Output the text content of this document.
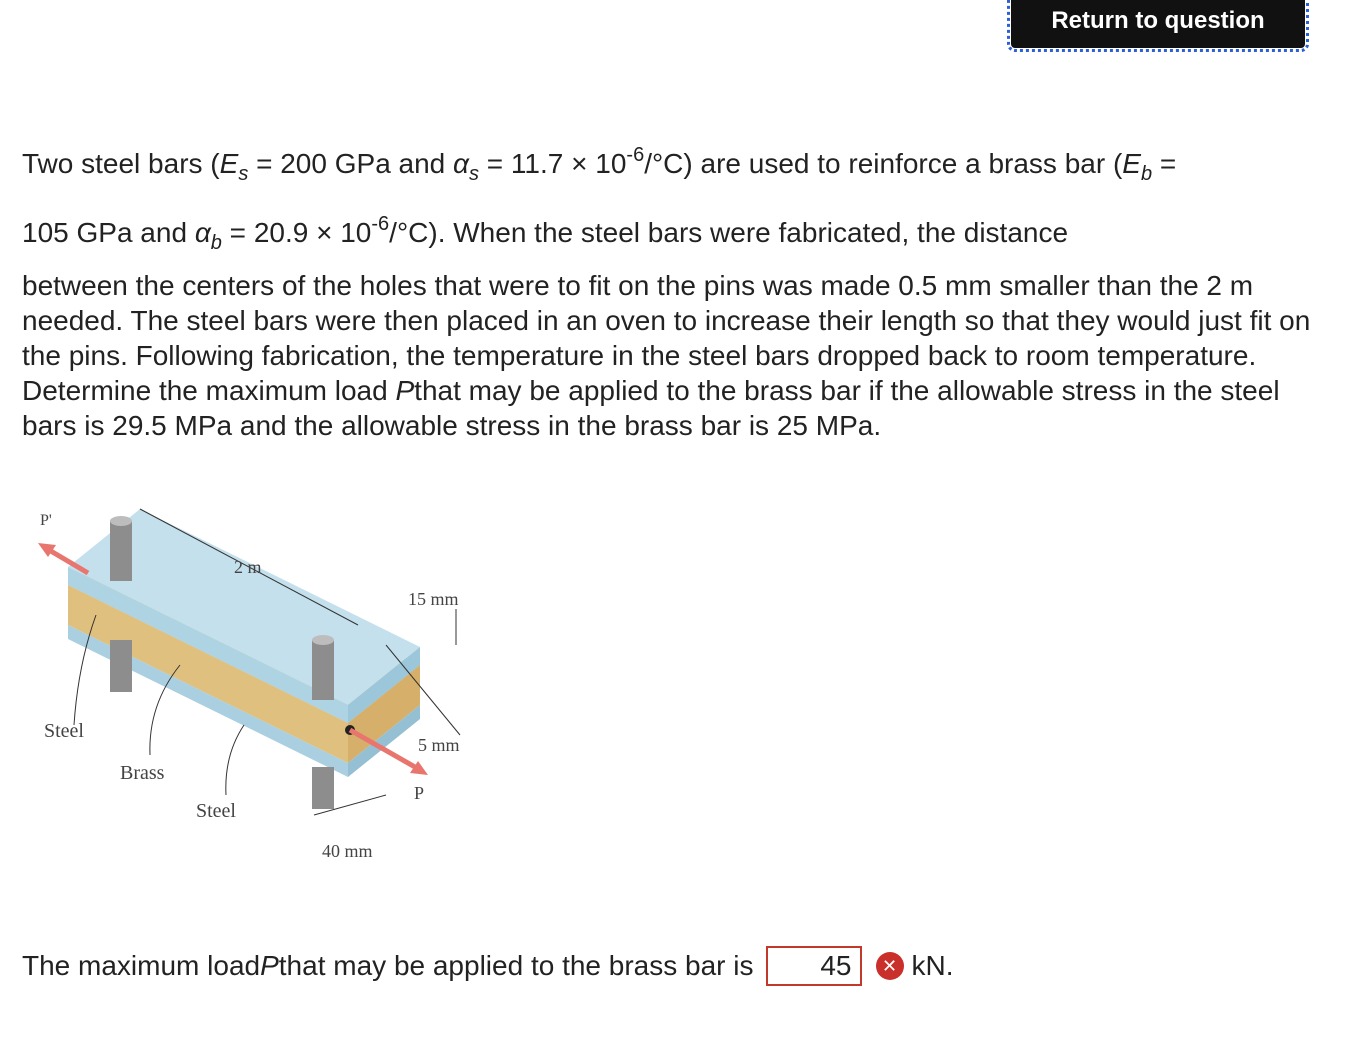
Return to question
Two steel bars ($E_s = 200$ GPa and $\alpha_s = 11.7 \times 10^{-6}/^\circ C$) are used to reinforce a brass bar ($E_b$ =
105 GPa and $\alpha_b = 20.9 \times 10^{-6}/^\circ C$). When the steel bars were fabricated, the distance
between the centers of the holes that were to fit on the pins was made 0.5 mm smaller than the 2 m needed. The steel bars were then placed in an oven to increase their length so that they would just fit on the pins. Following fabrication, the temperature in the steel bars dropped back to room temperature. Determine the maximum load Pthat may be applied to the brass bar if the allowable stress in the steel bars is 29.5 MPa and the allowable stress in the brass bar is 25 MPa.
P'
2 m
15 mm
5 mm
Steel
Brass
Steel
P
40 mm
The maximum load P that may be applied to the brass bar is
45	✕ kN.
